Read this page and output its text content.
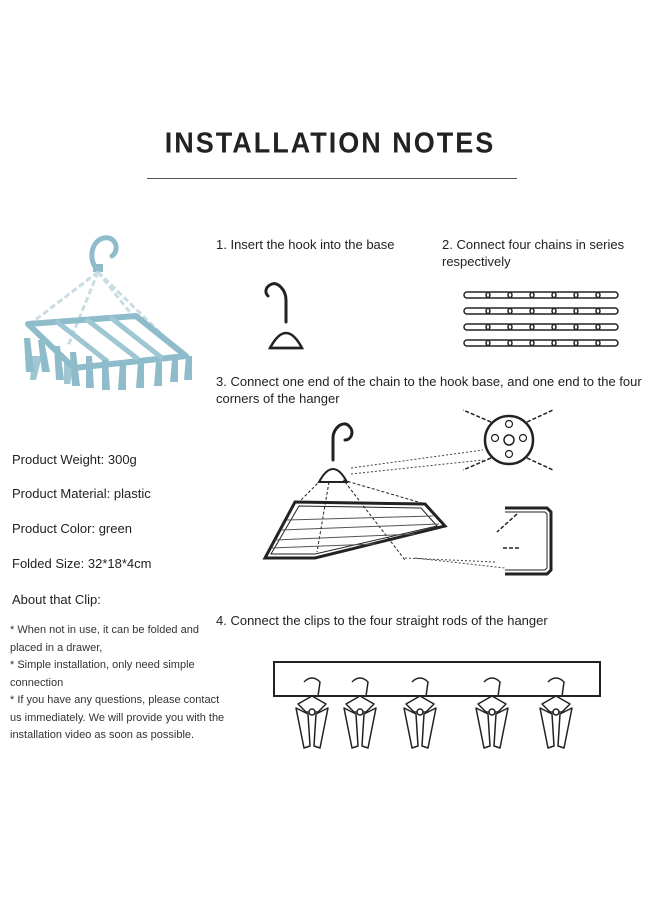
INSTALLATION NOTES
1. Insert the hook into the base	2. Connect four chains in series respectively
3. Connect one end of the chain to the hook base, and one end to the four corners of the hanger
Product Weight: 300g
Product Material: plastic
Product Color: green
Folded Size: 32*18*4cm
About that Clip:
* When not in use, it can be folded and placed in a drawer,
* Simple installation, only need simple connection
* If you have any questions, please contact us immediately. We will provide you with the installation video as soon as possible.
4. Connect the clips to the four straight rods of the hanger
